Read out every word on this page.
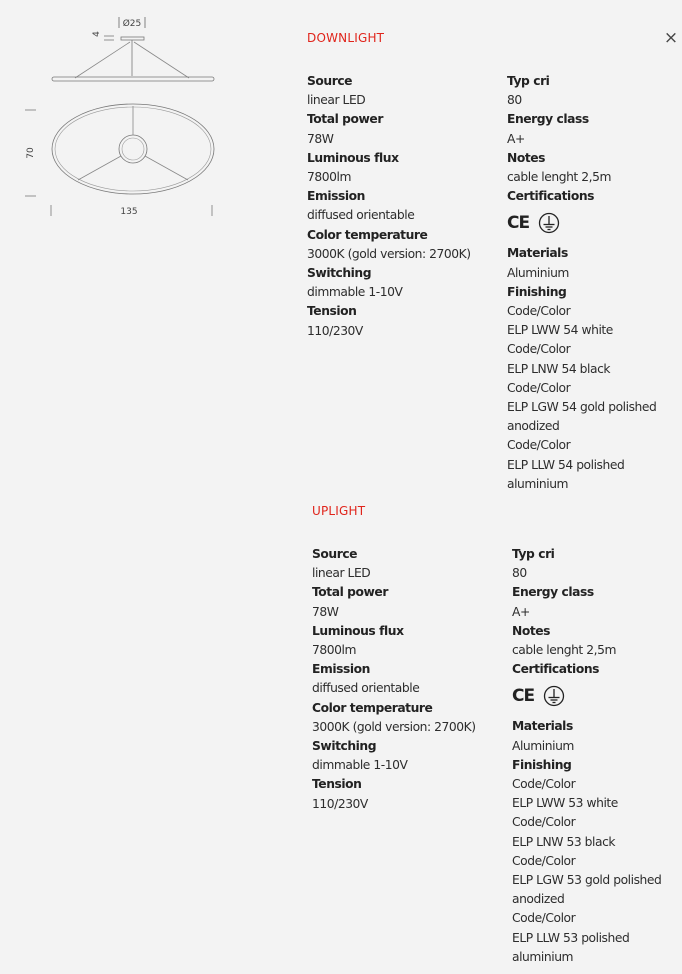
×
Ø25
4
70
135
DOWNLIGHT
Source
linear LED
Total power
78W
Luminous flux
7800lm
Emission
diffused orientable
Color temperature
3000K (gold version: 2700K)
Switching
dimmable 1-10V
Tension
110/230V
Typ cri
80
Energy class
A+
Notes
cable lenght 2,5m
Certifications
CE
Materials
Aluminium
Finishing
Code/Color
ELP LWW 54 white
Code/Color
ELP LNW 54 black
Code/Color
ELP LGW 54 gold polished anodized
Code/Color
ELP LLW 54 polished aluminium
UPLIGHT
Source
linear LED
Total power
78W
Luminous flux
7800lm
Emission
diffused orientable
Color temperature
3000K (gold version: 2700K)
Switching
dimmable 1-10V
Tension
110/230V
Typ cri
80
Energy class
A+
Notes
cable lenght 2,5m
Certifications
CE
Materials
Aluminium
Finishing
Code/Color
ELP LWW 53 white
Code/Color
ELP LNW 53 black
Code/Color
ELP LGW 53 gold polished anodized
Code/Color
ELP LLW 53 polished aluminium
